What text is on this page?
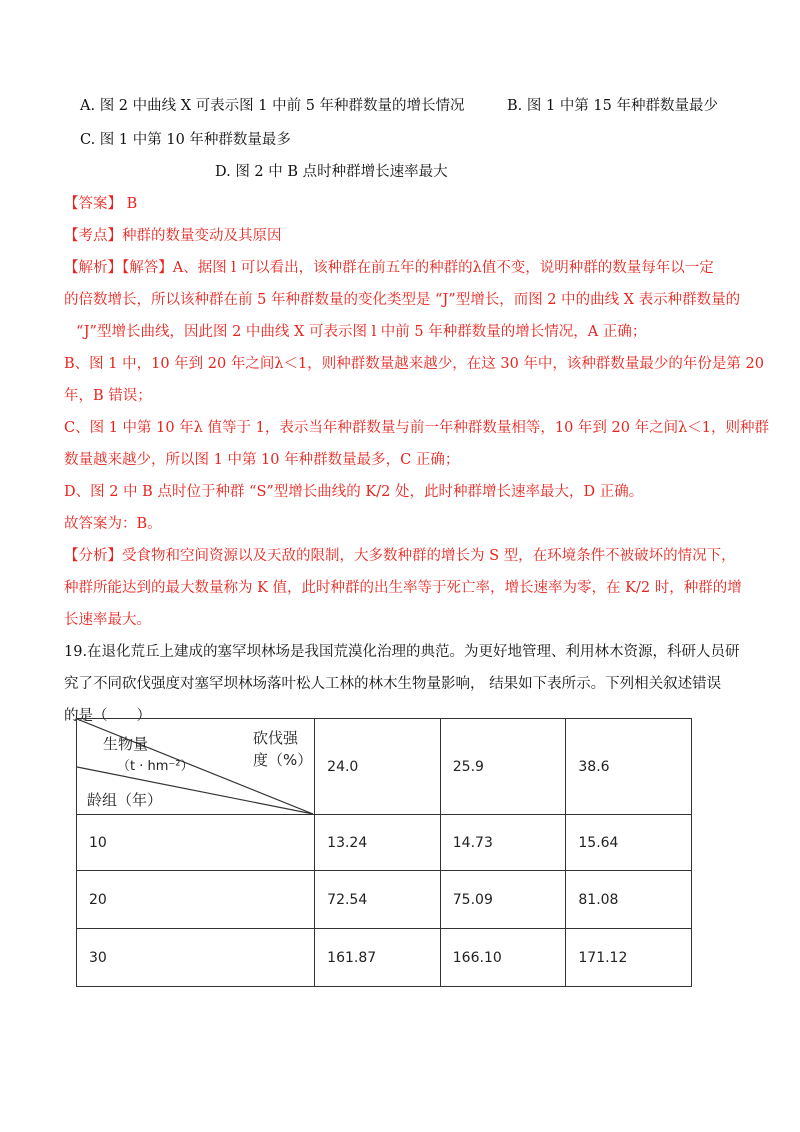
A. 图 2 中曲线 X 可表示图 1 中前 5 年种群数量的增长情况	B. 图 1 中第 15 年种群数量最少
C. 图 1 中第 10 年种群数量最多
D. 图 2 中 B 点时种群增长速率最大
【答案】 B
【考点】种群的数量变动及其原因
【解析】【解答】A、据图 l 可以看出，该种群在前五年的种群的λ值不变，说明种群的数量每年以一定
的倍数增长，所以该种群在前 5 年种群数量的变化类型是 “J”型增长，而图 2 中的曲线 X 表示种群数量的
“J”型增长曲线，因此图 2 中曲线 X 可表示图 l 中前 5 年种群数量的增长情况，A 正确；
B、图 1 中，10 年到 20 年之间λ＜1，则种群数量越来越少，在这 30 年中，该种群数量最少的年份是第 20
年，B 错误；
C、图 1 中第 10 年λ 值等于 1，表示当年种群数量与前一年种群数量相等，10 年到 20 年之间λ＜1，则种群
数量越来越少，所以图 1 中第 10 年种群数量最多，C 正确；
D、图 2 中 B 点时位于种群 “S”型增长曲线的 K/2 处，此时种群增长速率最大，D 正确。
故答案为：B。
【分析】受食物和空间资源以及天敌的限制，大多数种群的增长为 S 型，在环境条件不被破坏的情况下，
种群所能达到的最大数量称为 K 值，此时种群的出生率等于死亡率，增长速率为零，在 K/2 时，种群的增
长速率最大。
19.在退化荒丘上建成的塞罕坝林场是我国荒漠化治理的典范。为更好地管理、利用林木资源，科研人员研
究了不同砍伐强度对塞罕坝林场落叶松人工林的林木生物量影响， 结果如下表所示。下列相关叙述错误
的是（　　）
生物量
（t · hm⁻²）
砍伐强
度（%）
龄组（年）	24.0	25.9	38.6
10	13.24	14.73	15.64
20	72.54	75.09	81.08
30	161.87	166.10	171.12
